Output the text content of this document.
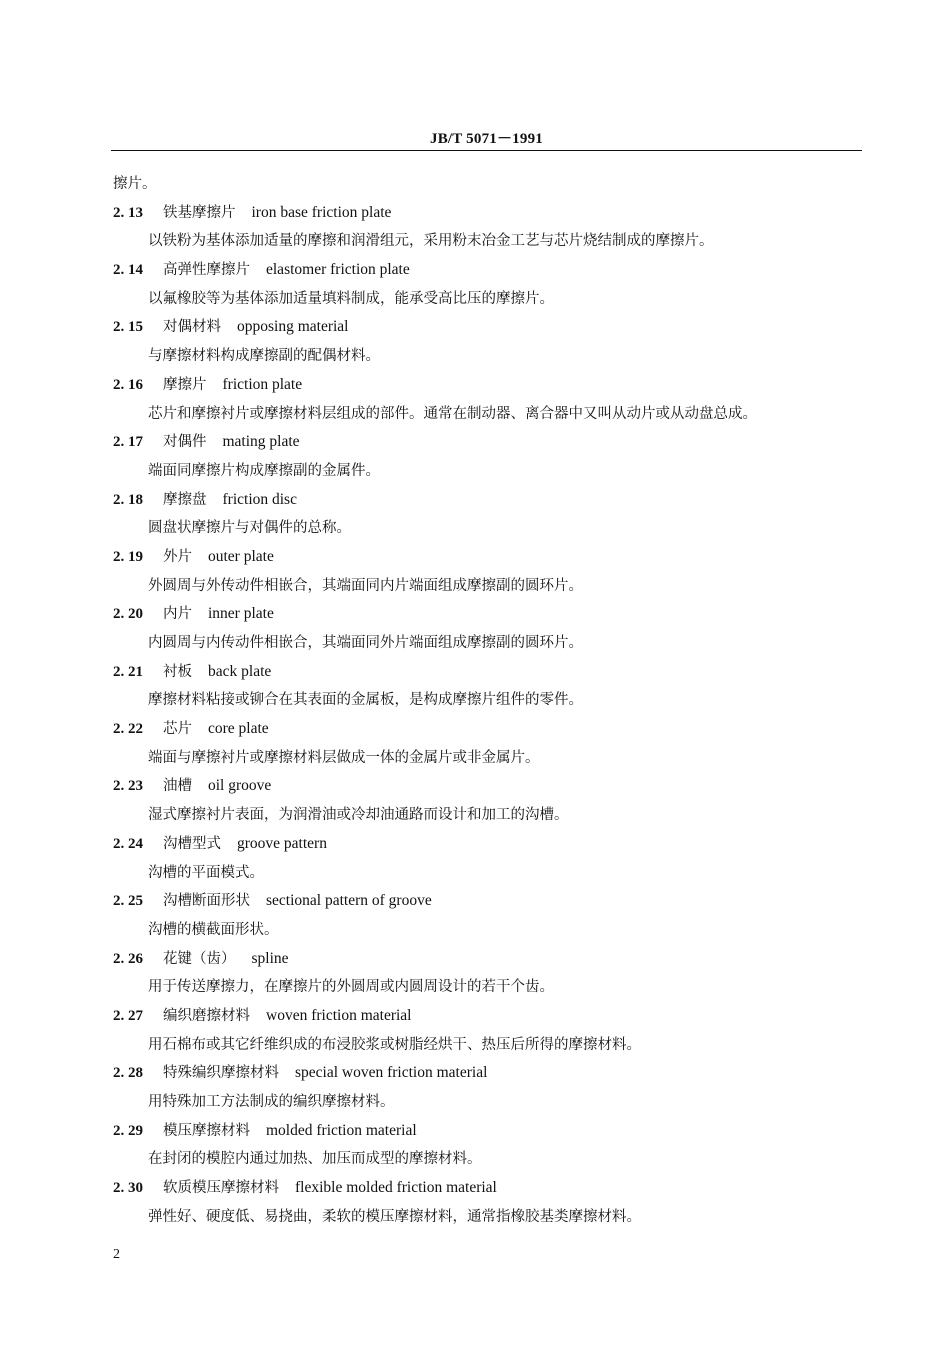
JB/T 5071－1991
擦片。
2. 13 铁基摩擦片 iron base friction plate
以铁粉为基体添加适量的摩擦和润滑组元，采用粉末冶金工艺与芯片烧结制成的摩擦片。
2. 14 高弹性摩擦片 elastomer friction plate
以氟橡胶等为基体添加适量填料制成，能承受高比压的摩擦片。
2. 15 对偶材料 opposing material
与摩擦材料构成摩擦副的配偶材料。
2. 16 摩擦片 friction plate
芯片和摩擦衬片或摩擦材料层组成的部件。通常在制动器、离合器中又叫从动片或从动盘总成。
2. 17 对偶件 mating plate
端面同摩擦片构成摩擦副的金属件。
2. 18 摩擦盘 friction disc
圆盘状摩擦片与对偶件的总称。
2. 19 外片 outer plate
外圆周与外传动件相嵌合，其端面同内片端面组成摩擦副的圆环片。
2. 20 内片 inner plate
内圆周与内传动件相嵌合，其端面同外片端面组成摩擦副的圆环片。
2. 21 衬板 back plate
摩擦材料粘接或铆合在其表面的金属板，是构成摩擦片组件的零件。
2. 22 芯片 core plate
端面与摩擦衬片或摩擦材料层做成一体的金属片或非金属片。
2. 23 油槽 oil groove
湿式摩擦衬片表面，为润滑油或冷却油通路而设计和加工的沟槽。
2. 24 沟槽型式 groove pattern
沟槽的平面模式。
2. 25 沟槽断面形状 sectional pattern of groove
沟槽的横截面形状。
2. 26 花键（齿） spline
用于传送摩擦力，在摩擦片的外圆周或内圆周设计的若干个齿。
2. 27 编织磨擦材料 woven friction material
用石棉布或其它纤维织成的布浸胶浆或树脂经烘干、热压后所得的摩擦材料。
2. 28 特殊编织摩擦材料 special woven friction material
用特殊加工方法制成的编织摩擦材料。
2. 29 模压摩擦材料 molded friction material
在封闭的模腔内通过加热、加压而成型的摩擦材料。
2. 30 软质模压摩擦材料 flexible molded friction material
弹性好、硬度低、易挠曲，柔软的模压摩擦材料，通常指橡胶基类摩擦材料。
2
